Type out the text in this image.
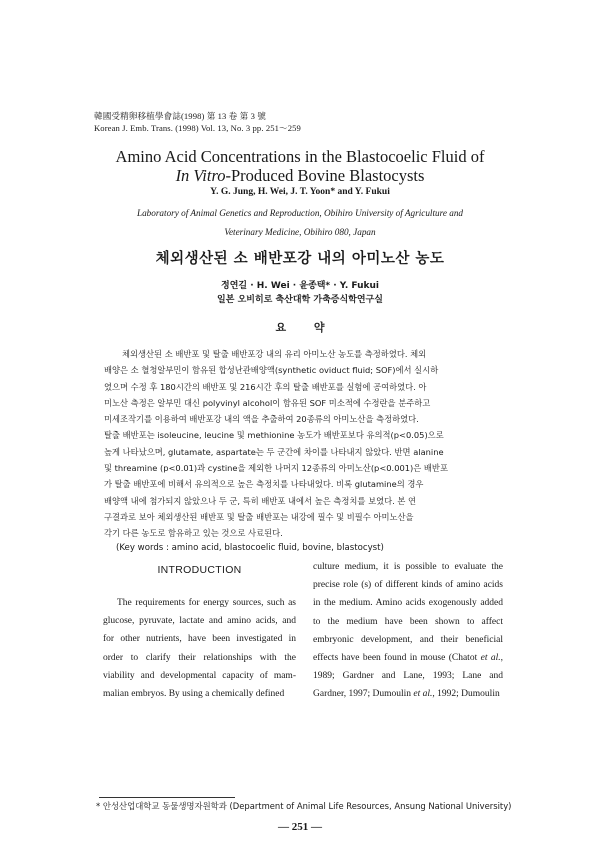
韓國受精卵移植學會誌(1998) 第 13 卷 第 3 號
Korean J. Emb. Trans. (1998) Vol. 13, No. 3 pp. 251～259
Amino Acid Concentrations in the Blastocoelic Fluid of
In Vitro-Produced Bovine Blastocysts
Y. G. Jung, H. Wei, J. T. Yoon* and Y. Fukui
Laboratory of Animal Genetics and Reproduction, Obihiro University of Agriculture and
Veterinary Medicine, Obihiro 080, Japan
체외생산된 소 배반포강 내의 아미노산 농도
정연길 · H. Wei · 윤종택* · Y. Fukui
일본 오비히로 축산대학 가축증식학연구실
요 약
체외생산된 소 배반포 및 탈출 배반포강 내의 유리 아미노산 농도를 측정하였다. 체외
배양은 소 혈청알부민이 함유된 합성난관배양액(synthetic oviduct fluid; SOF)에서 실시하
였으며 수정 후 180시간의 배반포 및 216시간 후의 탈출 배반포를 실험에 공여하였다. 아
미노산 측정은 알부민 대신 polyvinyl alcohol이 함유된 SOF 미소적에 수정란을 분주하고
미세조작기를 이용하여 배반포강 내의 액을 추출하여 20종류의 아미노산을 측정하였다.
탈출 배반포는 isoleucine, leucine 및 methionine 농도가 배반포보다 유의적(p<0.05)으로
높게 나타났으며, glutamate, aspartate는 두 군간에 차이를 나타내지 않았다. 반면 alanine
및 threamine (p<0.01)과 cystine을 제외한 나머지 12종류의 아미노산(p<0.001)은 배반포
가 탈출 배반포에 비해서 유의적으로 높은 측정치를 나타내었다. 비록 glutamine의 경우
배양액 내에 첨가되지 않았으나 두 군, 특히 배반포 내에서 높은 측정치를 보였다. 본 연
구결과로 보아 체외생산된 배반포 및 탈출 배반포는 내강에 필수 및 비필수 아미노산을
각기 다른 농도로 함유하고 있는 것으로 사료된다.
(Key words : amino acid, blastocoelic fluid, bovine, blastocyst)
INTRODUCTION
The requirements for energy sources, such as
glucose, pyruvate, lactate and amino acids, and
for other nutrients, have been investigated in
order to clarify their relationships with the
viability and developmental capacity of mam-
malian embryos. By using a chemically defined
culture medium, it is possible to evaluate the
precise role (s) of different kinds of amino acids
in the medium. Amino acids exogenously added
to the medium have been shown to affect
embryonic development, and their beneficial
effects have been found in mouse (Chatot et al.,
1989; Gardner and Lane, 1993; Lane and
Gardner, 1997; Dumoulin et al., 1992; Dumoulin
* 안성산업대학교 동물생명자원학과 (Department of Animal Life Resources, Ansung National University)
— 251 —
